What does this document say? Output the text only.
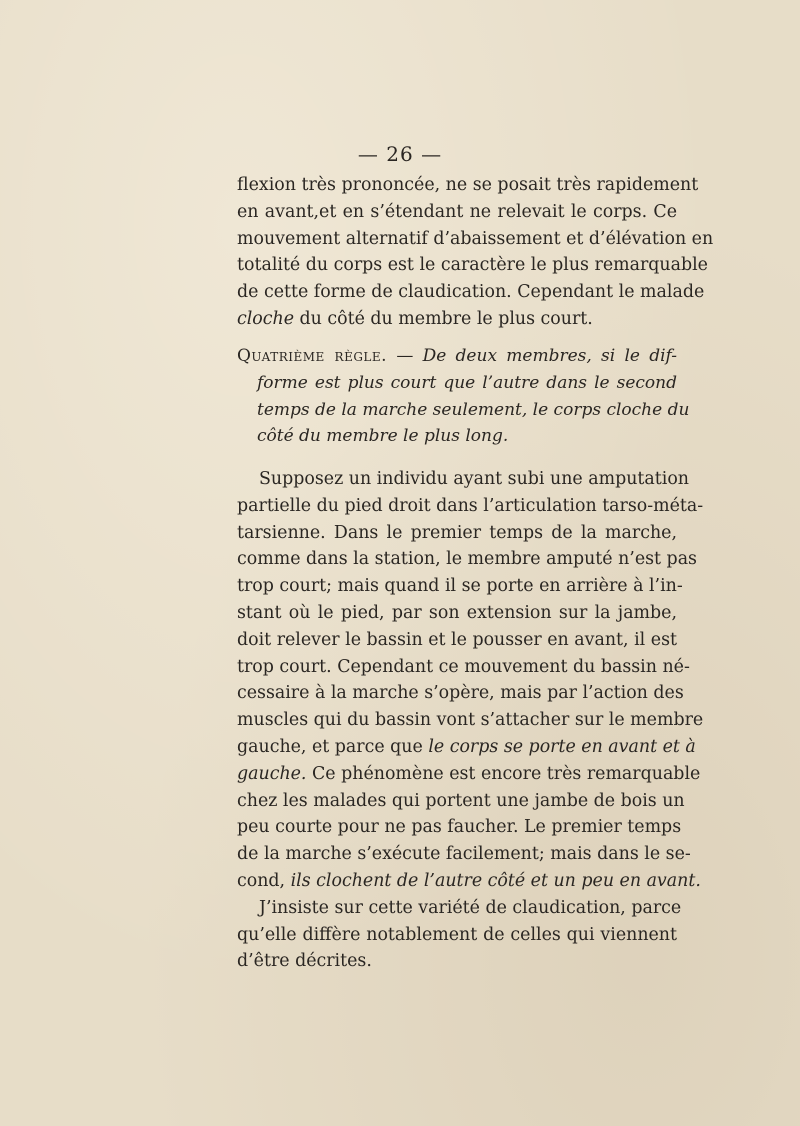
— 26 —
flexion très prononcée, ne se posait très rapidement
en avant,et en s’étendant ne relevait le corps. Ce
mouvement alternatif d’abaissement et d’élévation en
totalité du corps est le caractère le plus remarquable
de cette forme de claudication. Cependant le malade
cloche du côté du membre le plus court.
Quatrième règle. — De deux membres, si le dif-
forme est plus court que l’autre dans le second
temps de la marche seulement, le corps cloche du
côté du membre le plus long.
Supposez un individu ayant subi une amputation
partielle du pied droit dans l’articulation tarso-méta-
tarsienne. Dans le premier temps de la marche,
comme dans la station, le membre amputé n’est pas
trop court; mais quand il se porte en arrière à l’in-
stant où le pied, par son extension sur la jambe,
doit relever le bassin et le pousser en avant, il est
trop court. Cependant ce mouvement du bassin né-
cessaire à la marche s’opère, mais par l’action des
muscles qui du bassin vont s’attacher sur le membre
gauche, et parce que le corps se porte en avant et à
gauche. Ce phénomène est encore très remarquable
chez les malades qui portent une jambe de bois un
peu courte pour ne pas faucher. Le premier temps
de la marche s’exécute facilement; mais dans le se-
cond, ils clochent de l’autre côté et un peu en avant.
J’insiste sur cette variété de claudication, parce
qu’elle diffère notablement de celles qui viennent
d’être décrites.
